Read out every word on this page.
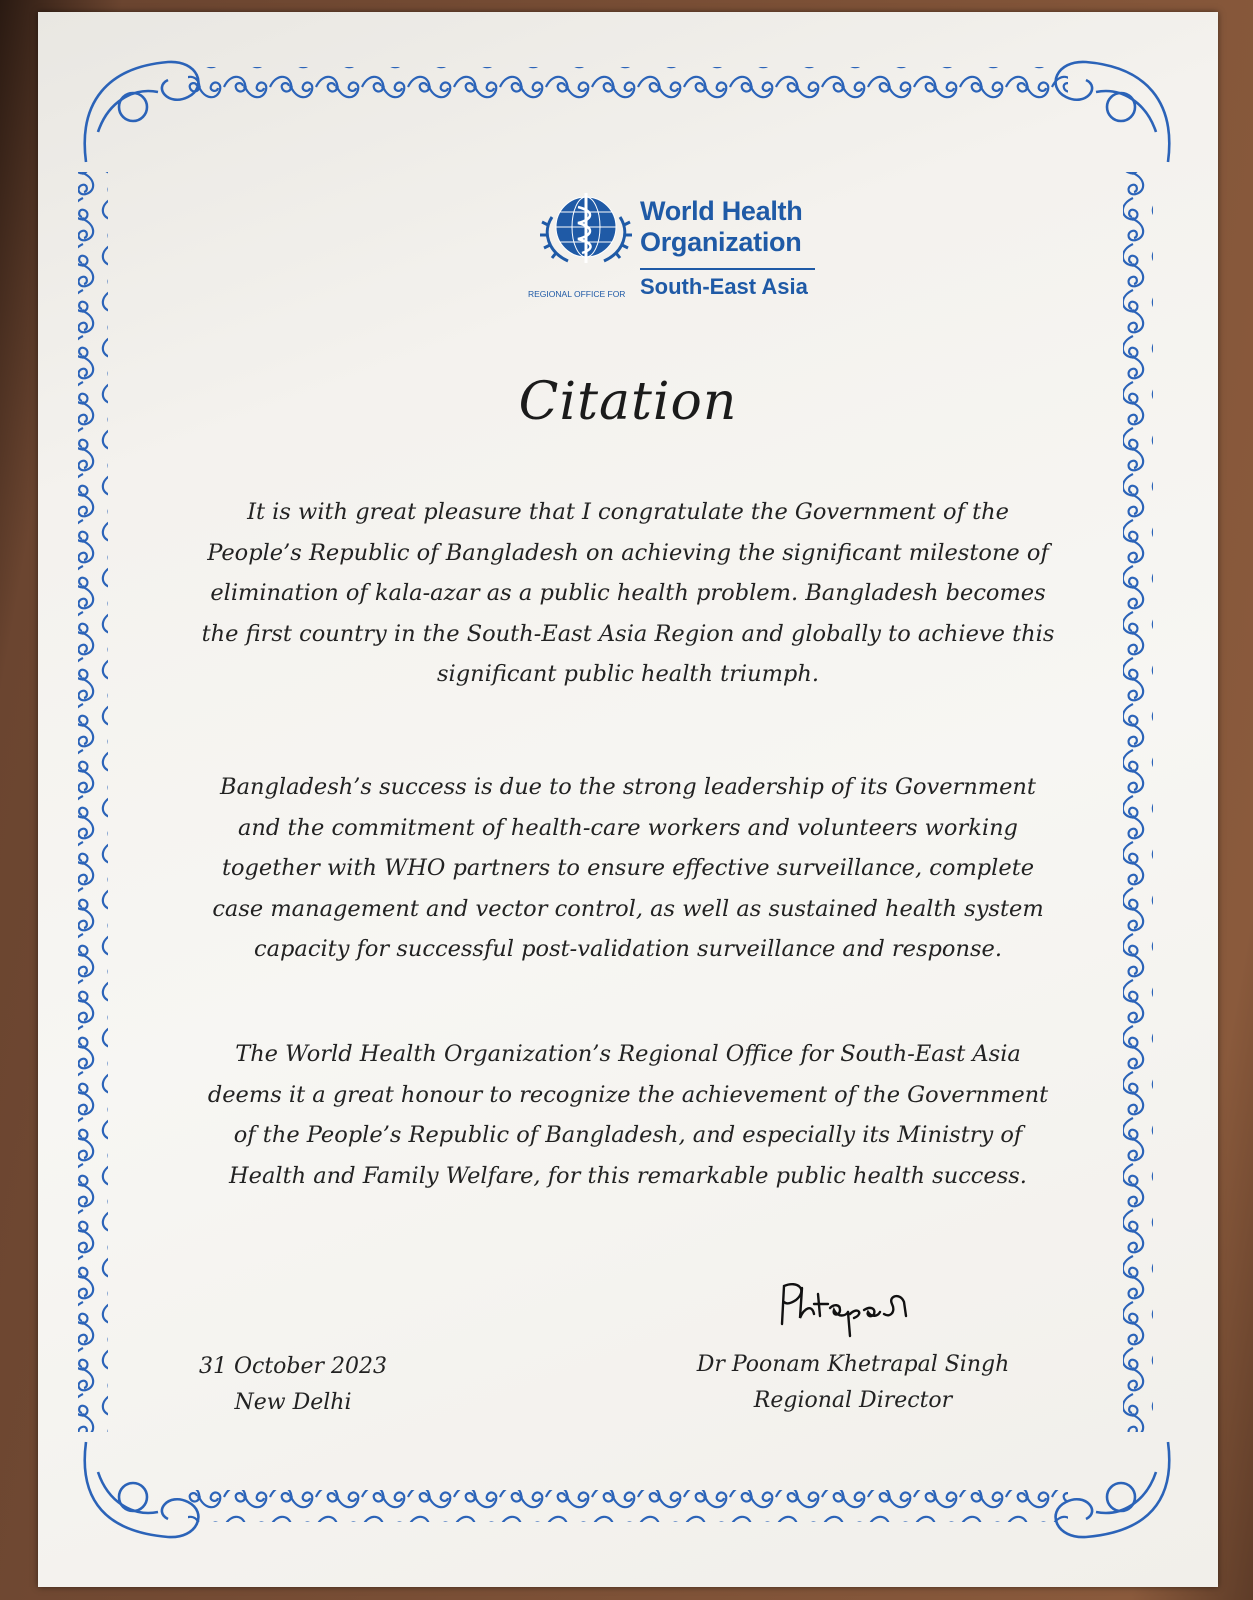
World Health
Organization
REGIONAL OFFICE FOR South-East Asia
Citation

It is with great pleasure that I congratulate the Government of the People’s Republic of Bangladesh on achieving the significant milestone of elimination of kala-azar as a public health problem. Bangladesh becomes the first country in the South-East Asia Region and globally to achieve this significant public health triumph.

Bangladesh’s success is due to the strong leadership of its Government and the commitment of health-care workers and volunteers working together with WHO partners to ensure effective surveillance, complete case management and vector control, as well as sustained health system capacity for successful post-validation surveillance and response.

The World Health Organization’s Regional Office for South-East Asia deems it a great honour to recognize the achievement of the Government of the People’s Republic of Bangladesh, and especially its Ministry of Health and Family Welfare, for this remarkable public health success.

31 October 2023
New Delhi
Dr Poonam Khetrapal Singh
Regional Director
